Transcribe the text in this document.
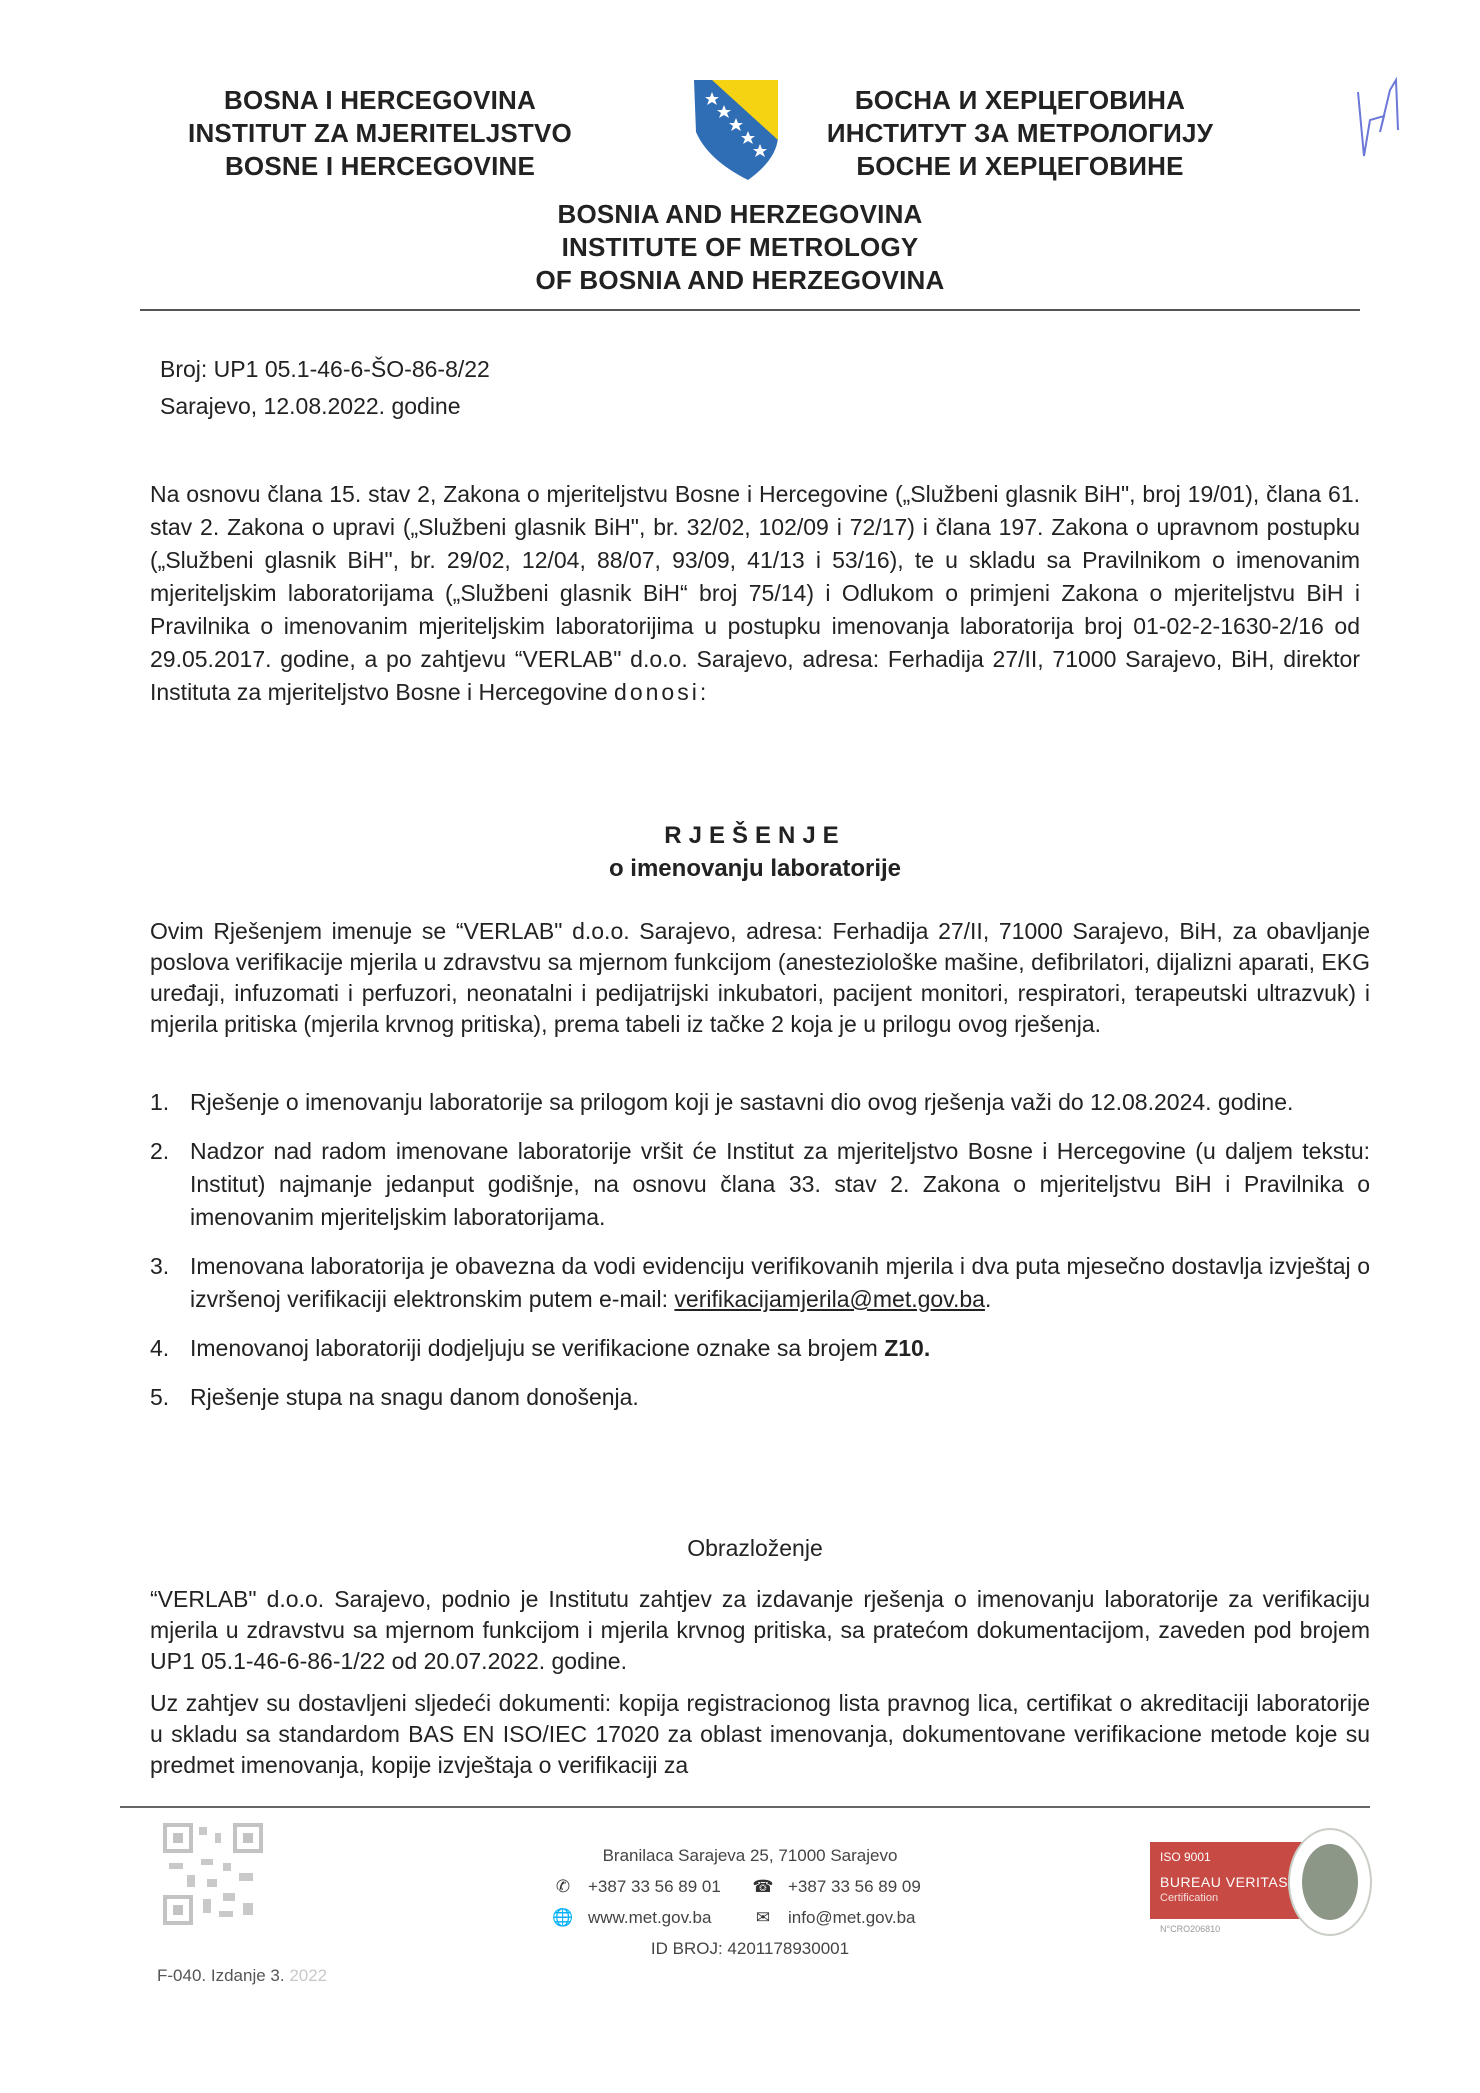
BOSNA I HERCEGOVINA
INSTITUT ZA MJERITELJSTVO
BOSNE I HERCEGOVINE
БОСНА И ХЕРЦЕГОВИНА
ИНСТИТУТ ЗА МЕТРОЛОГИЈУ
БОСНЕ И ХЕРЦЕГОВИНЕ
BOSNIA AND HERZEGOVINA
INSTITUTE OF METROLOGY
OF BOSNIA AND HERZEGOVINA
Broj: UP1 05.1-46-6-ŠO-86-8/22
Sarajevo, 12.08.2022. godine
Na osnovu člana 15. stav 2, Zakona o mjeriteljstvu Bosne i Hercegovine („Službeni glasnik BiH", broj 19/01), člana 61. stav 2. Zakona o upravi („Službeni glasnik BiH", br. 32/02, 102/09 i 72/17) i člana 197. Zakona o upravnom postupku („Službeni glasnik BiH", br. 29/02, 12/04, 88/07, 93/09, 41/13 i 53/16), te u skladu sa Pravilnikom o imenovanim mjeriteljskim laboratorijama („Službeni glasnik BiH“ broj 75/14) i Odlukom o primjeni Zakona o mjeriteljstvu BiH i Pravilnika o imenovanim mjeriteljskim laboratorijima u postupku imenovanja laboratorija broj 01-02-2-1630-2/16 od 29.05.2017. godine, a po zahtjevu “VERLAB" d.o.o. Sarajevo, adresa: Ferhadija 27/II, 71000 Sarajevo, BiH, direktor Instituta za mjeriteljstvo Bosne i Hercegovine donosi:
RJEŠENJE
o imenovanju laboratorije
Ovim Rješenjem imenuje se “VERLAB" d.o.o. Sarajevo, adresa: Ferhadija 27/II, 71000 Sarajevo, BiH, za obavljanje poslova verifikacije mjerila u zdravstvu sa mjernom funkcijom (anesteziološke mašine, defibrilatori, dijalizni aparati, EKG uređaji, infuzomati i perfuzori, neonatalni i pedijatrijski inkubatori, pacijent monitori, respiratori, terapeutski ultrazvuk) i mjerila pritiska (mjerila krvnog pritiska), prema tabeli iz tačke 2 koja je u prilogu ovog rješenja.
1. Rješenje o imenovanju laboratorije sa prilogom koji je sastavni dio ovog rješenja važi do 12.08.2024. godine.
2. Nadzor nad radom imenovane laboratorije vršit će Institut za mjeriteljstvo Bosne i Hercegovine (u daljem tekstu: Institut) najmanje jedanput godišnje, na osnovu člana 33. stav 2. Zakona o mjeriteljstvu BiH i Pravilnika o imenovanim mjeriteljskim laboratorijama.
3. Imenovana laboratorija je obavezna da vodi evidenciju verifikovanih mjerila i dva puta mjesečno dostavlja izvještaj o izvršenoj verifikaciji elektronskim putem e-mail: verifikacijamjerila@met.gov.ba.
4. Imenovanoj laboratoriji dodjeljuju se verifikacione oznake sa brojem Z10.
5. Rješenje stupa na snagu danom donošenja.
Obrazloženje
“VERLAB" d.o.o. Sarajevo, podnio je Institutu zahtjev za izdavanje rješenja o imenovanju laboratorije za verifikaciju mjerila u zdravstvu sa mjernom funkcijom i mjerila krvnog pritiska, sa pratećom dokumentacijom, zaveden pod brojem UP1 05.1-46-6-86-1/22 od 20.07.2022. godine.
Uz zahtjev su dostavljeni sljedeći dokumenti: kopija registracionog lista pravnog lica, certifikat o akreditaciji laboratorije u skladu sa standardom BAS EN ISO/IEC 17020 za oblast imenovanja, dokumentovane verifikacione metode koje su predmet imenovanja, kopije izvještaja o verifikaciji za
Branilaca Sarajeva 25, 71000 Sarajevo
✆	+387 33 56 89 01 ☎ +387 33 56 89 09
🌐 www.met.gov.ba	✉	info@met.gov.ba
ID BROJ: 4201178930001
ISO 9001
BUREAU VERITAS
Certification
N°CRO206810
F-040. Izdanje 3. 2022
